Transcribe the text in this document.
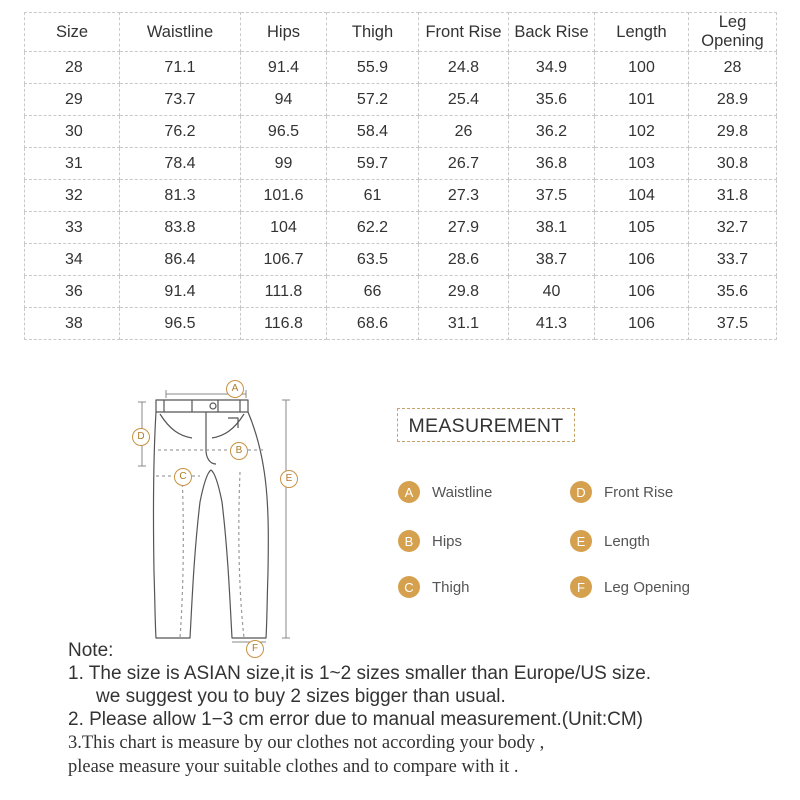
Size	Waistline	Hips	Thigh	Front Rise	Back Rise	Length	Leg Opening
28	71.1	91.4	55.9	24.8	34.9	100	28
29	73.7	94	57.2	25.4	35.6	101	28.9
30	76.2	96.5	58.4	26	36.2	102	29.8
31	78.4	99	59.7	26.7	36.8	103	30.8
32	81.3	101.6	61	27.3	37.5	104	31.8
33	83.8	104	62.2	27.9	38.1	105	32.7
34	86.4	106.7	63.5	28.6	38.7	106	33.7
36	91.4	111.8	66	29.8	40	106	35.6
38	96.5	116.8	68.6	31.1	41.3	106	37.5
A
B
C
D
E
F
MEASUREMENT
A	Waistline
B	Hips
C	Thigh
D	Front Rise
E	Length
F	Leg Opening
Note:
1. The size is ASIAN size,it is 1~2 sizes smaller than Europe/US size.
we suggest you to buy 2 sizes bigger than usual.
2. Please allow 1−3 cm error due to manual measurement.(Unit:CM)
3.This chart is measure by our clothes not according your body ,
please measure your suitable clothes and to compare with it .
